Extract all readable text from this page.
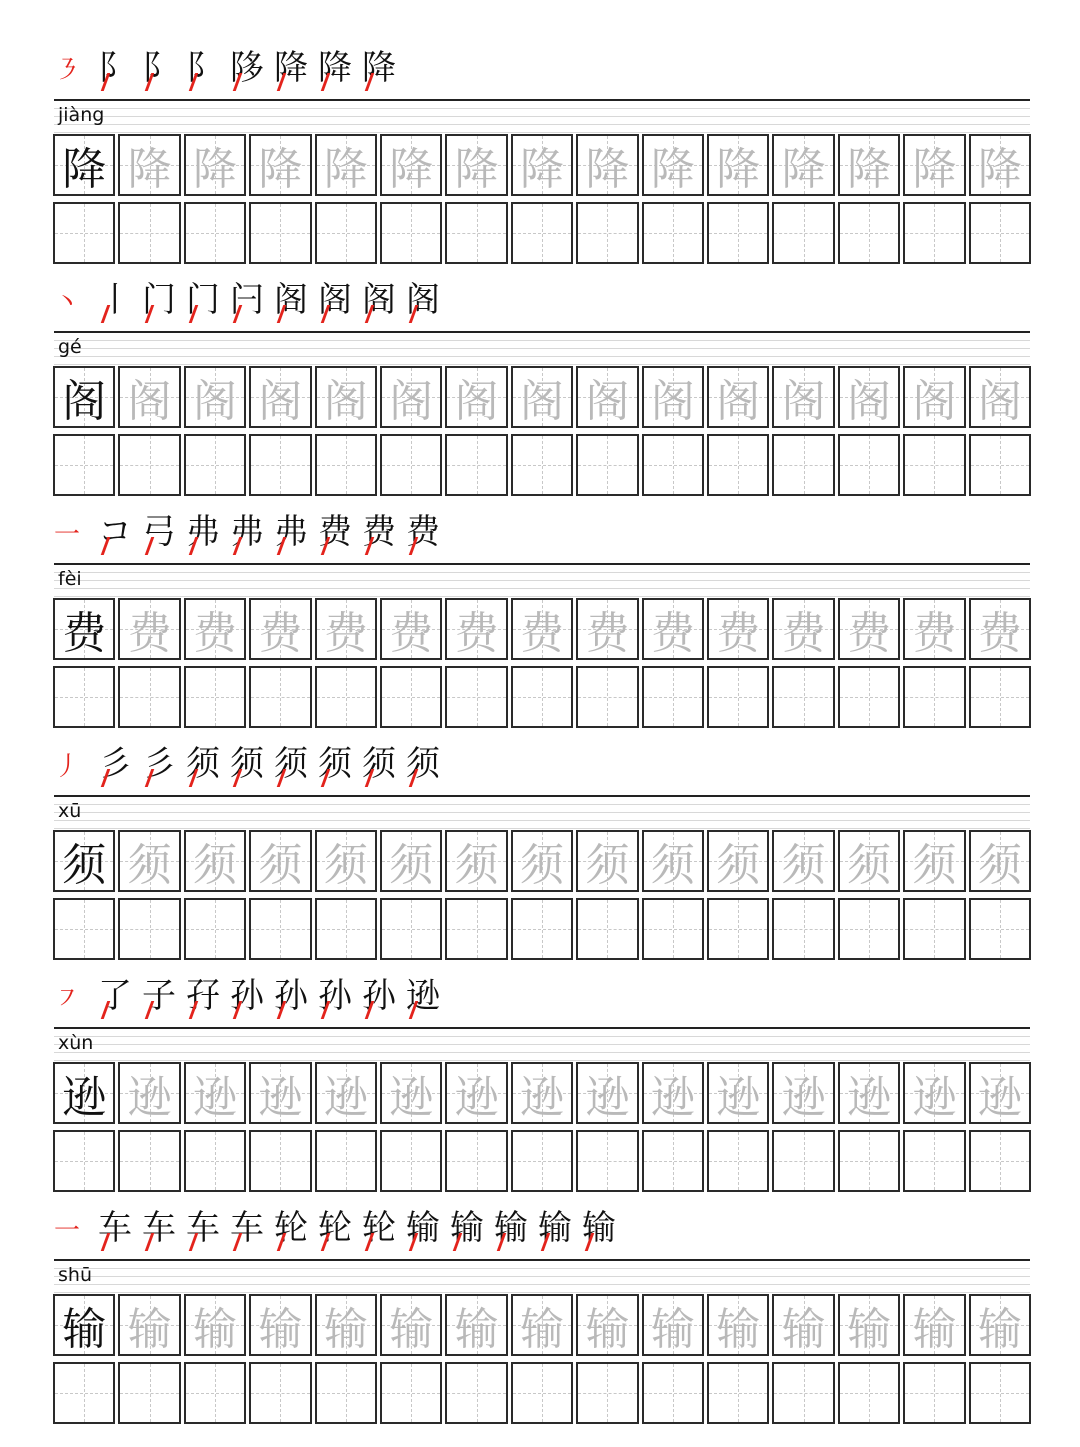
㇋ 阝 阝 阝 陊 降 降 降
jiàng
降 降 降 降 降 降 降 降 降 降 降 降 降 降 降
丶 丨 门 门 闩 阁 阁 阁 阁
gé
阁 阁 阁 阁 阁 阁 阁 阁 阁 阁 阁 阁 阁 阁 阁
一 コ 弓 弗 弗 弗 费 费 费
fèi
费 费 费 费 费 费 费 费 费 费 费 费 费 费 费
丿 彡 彡 须 须 须 须 须 须
xū
须 须 须 须 须 须 须 须 须 须 须 须 须 须 须
㇇ 了 子 孖 孙 孙 孙 孙 逊
xùn
逊 逊 逊 逊 逊 逊 逊 逊 逊 逊 逊 逊 逊 逊 逊
一 车 车 车 车 轮 轮 轮 输 输 输 输 输
shū
输 输 输 输 输 输 输 输 输 输 输 输 输 输 输
